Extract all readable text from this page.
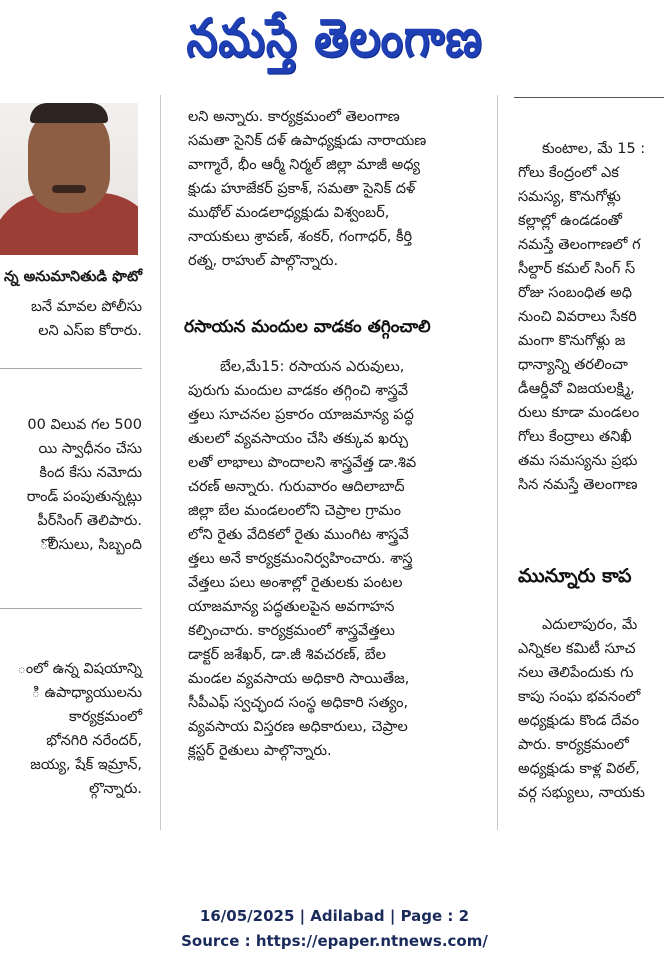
నమస్తే తెలంగాణ
న్న అనుమానితుడి ఫొటో
బనే మావల పోలీసు
లని ఎస్ఐ కోరారు.
00 విలువ గల 500
యి స్వాధీనం చేసు
కింద కేసు నమోదు
రాండ్ పంపుతున్నట్లు
పీర్‌సింగ్ తెలిపారు.
ోలీసులు, సిబ్బంది
ంలో ఉన్న విషయాన్ని
ి ఉపాధ్యాయులను
కార్యక్రమంలో
భోనగిరి నరేందర్,
జయ్య, షేక్ ఇమ్రాన్,
ల్గొన్నారు.
లని అన్నారు. కార్యక్రమంలో తెలంగాణ
సమతా సైనిక్ దళ్ ఉపాధ్యక్షుడు నారాయణ
వాగ్మారే, భీం ఆర్మీ నిర్మల్ జిల్లా మాజీ అధ్య
క్షుడు హూజేకర్ ప్రకాశ్, సమతా సైనిక్ దళ్
ముథోల్ మండలాధ్యక్షుడు విశ్వంబర్,
నాయకులు శ్రావణ్, శంకర్, గంగాధర్, కీర్తి
రత్న, రాహుల్ పాల్గొన్నారు.
రసాయన మందుల వాడకం తగ్గించాలి
బేల,మే15: రసాయన ఎరువులు,
పురుగు మందుల వాడకం తగ్గించి శాస్త్రవే
త్తలు సూచనల ప్రకారం యాజమాన్య పద్ధ
తులలో వ్యవసాయం చేసి తక్కువ ఖర్చు
లతో లాభాలు పొందాలని శాస్త్రవేత్త డా.శివ
చరణ్ అన్నారు. గురువారం ఆదిలాబాద్
జిల్లా బేల మండలంలోని చెప్రాల గ్రామం
లోని రైతు వేదికలో రైతు ముంగిట శాస్త్రవే
త్తలు అనే కార్యక్రమంనిర్వహించారు. శాస్త్ర
వేత్తలు పలు అంశాల్లో రైతులకు పంటల
యాజమాన్య పద్ధతులపైన అవగాహన
కల్పించారు. కార్యక్రమంలో శాస్త్రవేత్తలు
డాక్టర్ జశేఖర్, డా.జీ శివచరణ్, బేల
మండల వ్యవసాయ అధికారి సాయితేజ,
సీపీఎఫ్ స్వచ్ఛంద సంస్థ అధికారి సత్యం,
వ్యవసాయ విస్తరణ అధికారులు, చెప్రాల
క్లస్టర్ రైతులు పాల్గొన్నారు.
కుంటాల, మే 15 :
గోలు కేంద్రంలో ఎక
సమస్య, కొనుగోళ్లు
కల్లాల్లో ఉండడంతో
నమస్తే తెలంగాణలో గ
సీల్దార్ కమల్ సింగ్ స్
రోజు సంబంధిత అధి
నుంచి వివరాలు సేకరి
మంగా కొనుగోళ్లు జ
ధాన్యాన్ని తరలించా
డీఆర్డీవో విజయలక్ష్మి,
రులు కూడా మండలం
గోలు కేంద్రాలు తనిఖీ
తమ సమస్యను ప్రభు
సిన నమస్తే తెలంగాణ
మున్నూరు కాప
ఎదులాపురం, మే
ఎన్నికల కమిటీ సూచ
నలు తెలిపేందుకు గు
కాపు సంఘ భవనంలో
అధ్యక్షుడు కొండ దేవం
పారు. కార్యక్రమంలో
అధ్యక్షుడు కాళ్ల విఠల్,
వర్గ సభ్యులు, నాయకు
16/05/2025 | Adilabad | Page : 2
Source : https://epaper.ntnews.com/
